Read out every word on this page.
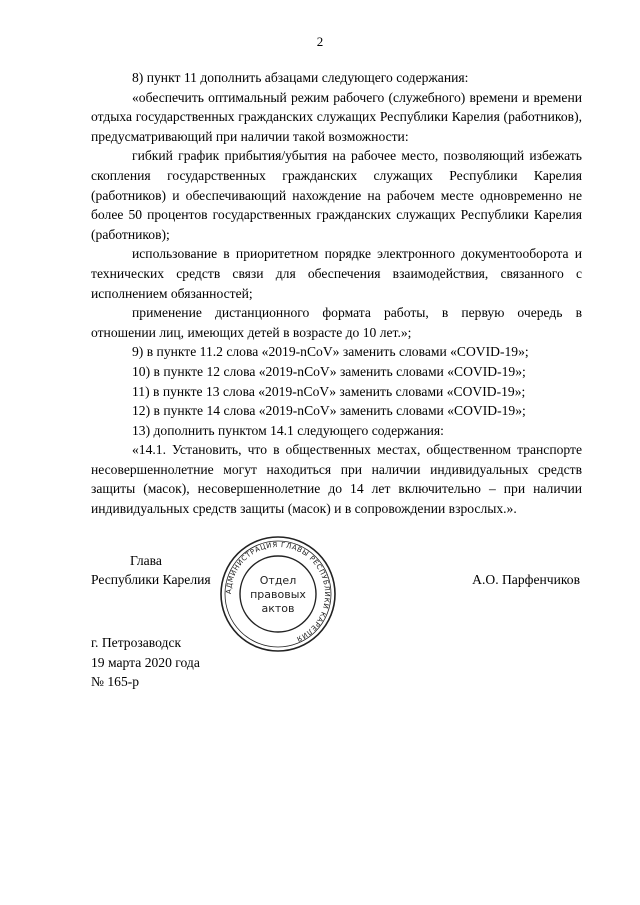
2

8) пункт 11 дополнить абзацами следующего содержания:

«обеспечить оптимальный режим рабочего (служебного) времени и времени отдыха государственных гражданских служащих Республики Карелия (работников), предусматривающий при наличии такой возможности:

гибкий график прибытия/убытия на рабочее место, позволяющий избежать скопления государственных гражданских служащих Республики Карелия (работников) и обеспечивающий нахождение на рабочем месте одновременно не более 50 процентов государственных гражданских служащих Республики Карелия (работников);

использование в приоритетном порядке электронного документооборота и технических средств связи для обеспечения взаимодействия, связанного с исполнением обязанностей;

применение дистанционного формата работы, в первую очередь в отношении лиц, имеющих детей в возрасте до 10 лет.»;

9) в пункте 11.2 слова «2019-nCoV» заменить словами «COVID-19»;

10) в пункте 12 слова «2019-nCoV» заменить словами «COVID-19»;

11) в пункте 13 слова «2019-nCoV» заменить словами «COVID-19»;

12) в пункте 14 слова «2019-nCoV» заменить словами «COVID-19»;

13) дополнить пунктом 14.1 следующего содержания:

«14.1. Установить, что в общественных местах, общественном транспорте несовершеннолетние могут находиться при наличии индивидуальных средств защиты (масок), несовершеннолетние до 14 лет включительно – при наличии индивидуальных средств защиты (масок) и в сопровождении взрослых.».

Глава
Республики Карелия	А.О. Парфенчиков
АДМИНИСТРАЦИЯ ГЛАВЫ РЕСПУБЛИКИ КАРЕЛИЯ
Отдел
правовых
актов
г. Петрозаводск
19 марта 2020 года
№ 165-р
